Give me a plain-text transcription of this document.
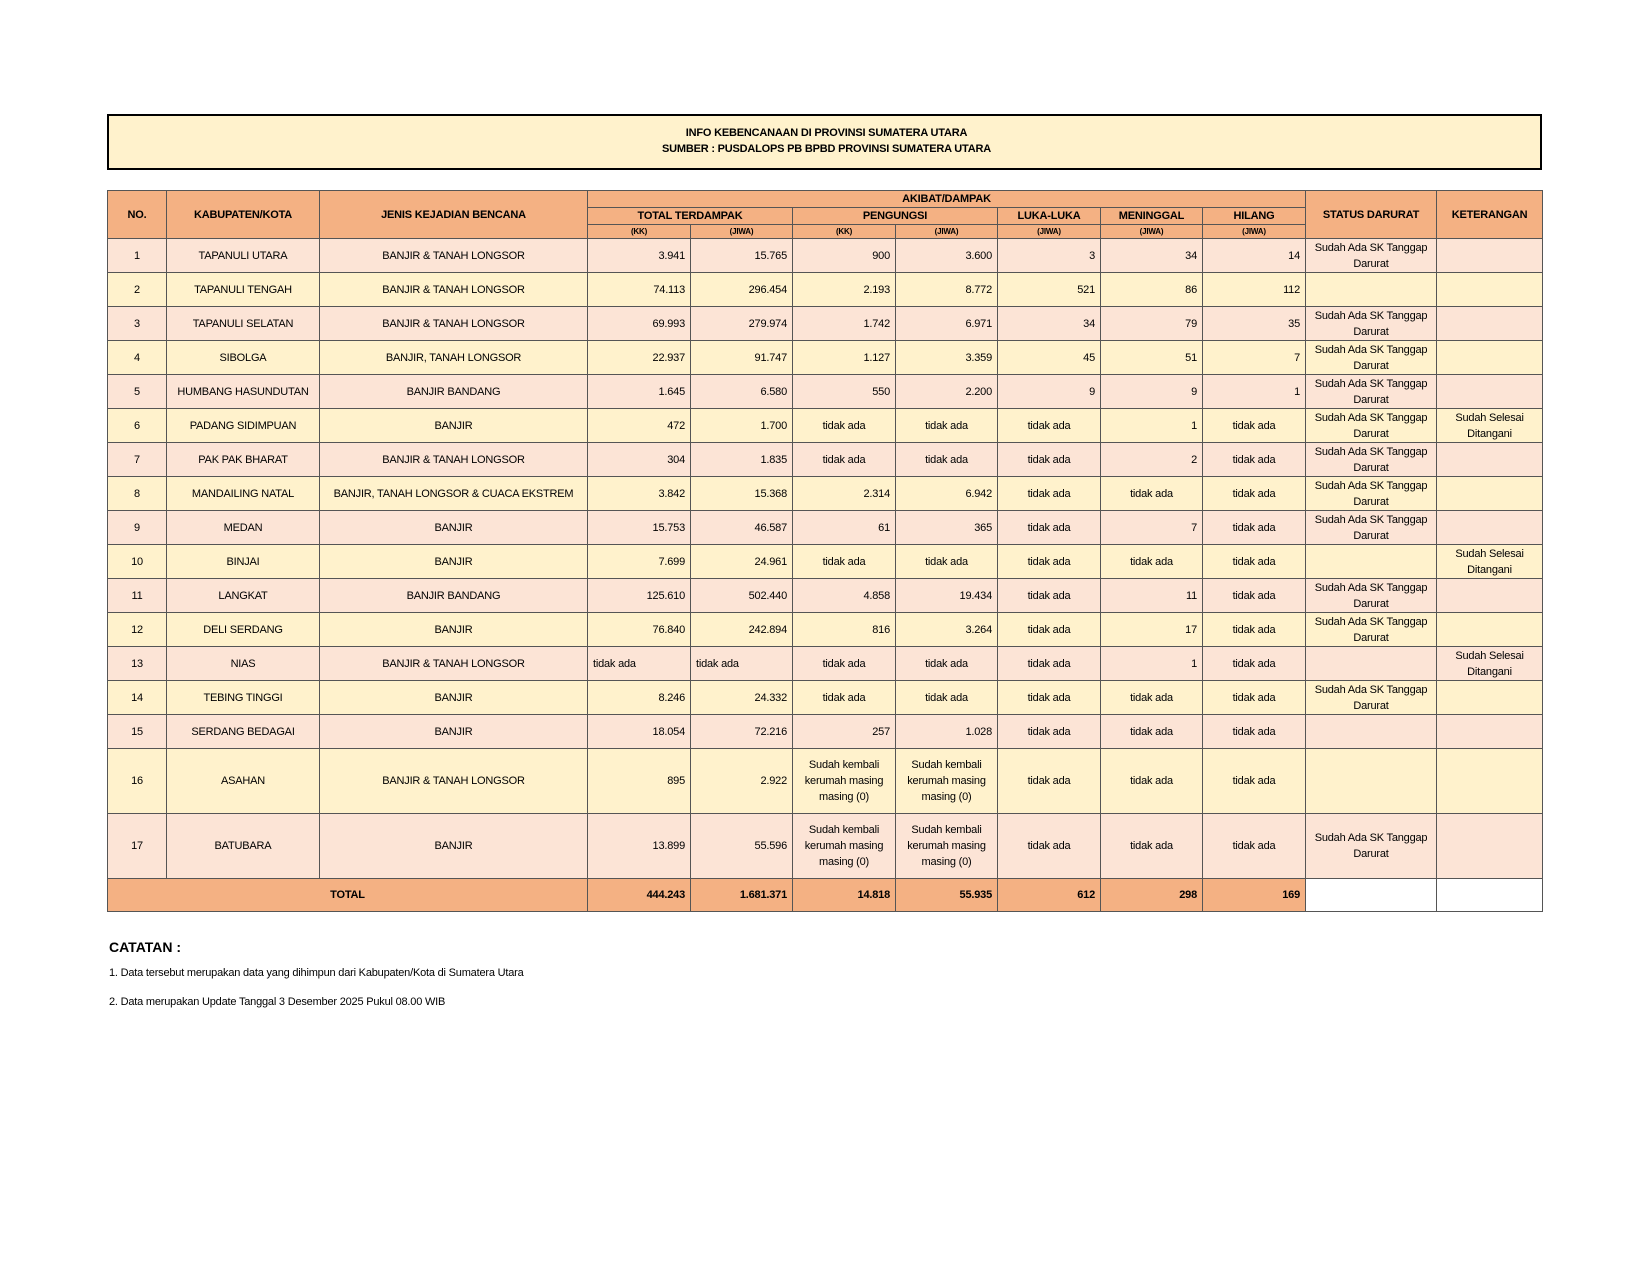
INFO KEBENCANAAN DI PROVINSI SUMATERA UTARA
SUMBER : PUSDALOPS PB BPBD PROVINSI SUMATERA UTARA
NO.	KABUPATEN/KOTA	JENIS KEJADIAN BENCANA	AKIBAT/DAMPAK							STATUS DARURAT	KETERANGAN
			TOTAL TERDAMPAK		PENGUNGSI		LUKA-LUKA	MENINGGAL	HILANG		
			(KK)	(JIWA)	(KK)	(JIWA)	(JIWA)	(JIWA)	(JIWA)		
1	TAPANULI UTARA	BANJIR & TANAH LONGSOR	3.941	15.765	900	3.600	3	34	14	Sudah Ada SK Tanggap Darurat	
2	TAPANULI TENGAH	BANJIR & TANAH LONGSOR	74.113	296.454	2.193	8.772	521	86	112		
3	TAPANULI SELATAN	BANJIR & TANAH LONGSOR	69.993	279.974	1.742	6.971	34	79	35	Sudah Ada SK Tanggap Darurat	
4	SIBOLGA	BANJIR, TANAH LONGSOR	22.937	91.747	1.127	3.359	45	51	7	Sudah Ada SK Tanggap Darurat	
5	HUMBANG HASUNDUTAN	BANJIR BANDANG	1.645	6.580	550	2.200	9	9	1	Sudah Ada SK Tanggap Darurat	
6	PADANG SIDIMPUAN	BANJIR	472	1.700	tidak ada	tidak ada	tidak ada	1	tidak ada	Sudah Ada SK Tanggap Darurat	Sudah Selesai Ditangani
7	PAK PAK BHARAT	BANJIR & TANAH LONGSOR	304	1.835	tidak ada	tidak ada	tidak ada	2	tidak ada	Sudah Ada SK Tanggap Darurat	
8	MANDAILING NATAL	BANJIR, TANAH LONGSOR & CUACA EKSTREM	3.842	15.368	2.314	6.942	tidak ada	tidak ada	tidak ada	Sudah Ada SK Tanggap Darurat	
9	MEDAN	BANJIR	15.753	46.587	61	365	tidak ada	7	tidak ada	Sudah Ada SK Tanggap Darurat	
10	BINJAI	BANJIR	7.699	24.961	tidak ada	tidak ada	tidak ada	tidak ada	tidak ada		Sudah Selesai Ditangani
11	LANGKAT	BANJIR BANDANG	125.610	502.440	4.858	19.434	tidak ada	11	tidak ada	Sudah Ada SK Tanggap Darurat	
12	DELI SERDANG	BANJIR	76.840	242.894	816	3.264	tidak ada	17	tidak ada	Sudah Ada SK Tanggap Darurat	
13	NIAS	BANJIR & TANAH LONGSOR	tidak ada	tidak ada	tidak ada	tidak ada	tidak ada	1	tidak ada		Sudah Selesai Ditangani
14	TEBING TINGGI	BANJIR	8.246	24.332	tidak ada	tidak ada	tidak ada	tidak ada	tidak ada	Sudah Ada SK Tanggap Darurat	
15	SERDANG BEDAGAI	BANJIR	18.054	72.216	257	1.028	tidak ada	tidak ada	tidak ada		
16	ASAHAN	BANJIR & TANAH LONGSOR	895	2.922	Sudah kembali kerumah masing masing (0)	Sudah kembali kerumah masing masing (0)	tidak ada	tidak ada	tidak ada		
17	BATUBARA	BANJIR	13.899	55.596	Sudah kembali kerumah masing masing (0)	Sudah kembali kerumah masing masing (0)	tidak ada	tidak ada	tidak ada	Sudah Ada SK Tanggap Darurat	
TOTAL			444.243	1.681.371	14.818	55.935	612	298	169		
CATATAN :
1. Data tersebut merupakan data yang dihimpun dari Kabupaten/Kota di Sumatera Utara
2. Data merupakan Update Tanggal 3 Desember 2025 Pukul 08.00 WIB
